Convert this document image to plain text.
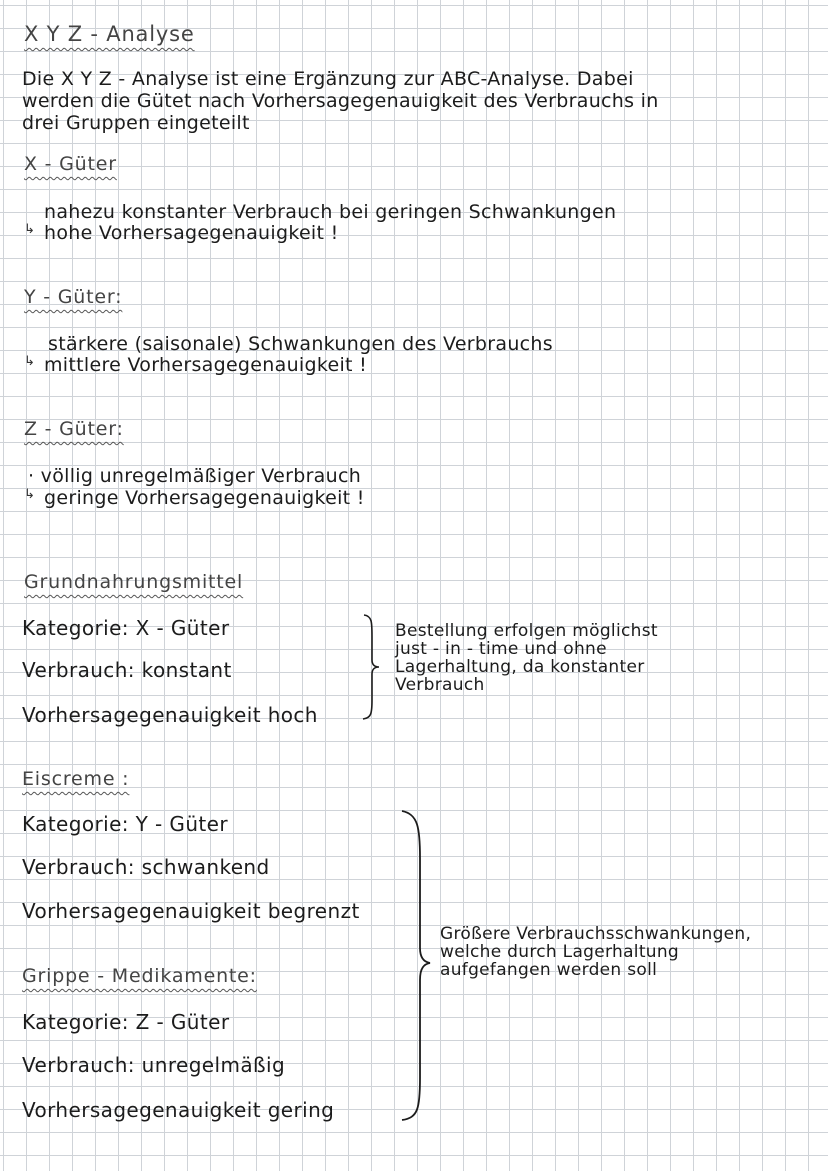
X Y Z - Analyse
Die X Y Z - Analyse ist eine Ergänzung zur ABC-Analyse. Dabei
werden die Gütet nach Vorhersagegenauigkeit des Verbrauchs in
drei Gruppen eingeteilt
X - Güter
nahezu konstanter Verbrauch bei geringen Schwankungen
↳ hohe Vorhersagegenauigkeit !
Y - Güter:
stärkere (saisonale) Schwankungen des Verbrauchs
↳ mittlere Vorhersagegenauigkeit !
Z - Güter:
· völlig unregelmäßiger Verbrauch
↳ geringe Vorhersagegenauigkeit !
Grundnahrungsmittel
Kategorie: X - Güter
Verbrauch: konstant
Vorhersagegenauigkeit hoch
Bestellung erfolgen möglichst
just - in - time und ohne
Lagerhaltung, da konstanter
Verbrauch
Eiscreme :
Kategorie: Y - Güter
Verbrauch: schwankend
Vorhersagegenauigkeit begrenzt
Grippe - Medikamente:
Kategorie: Z - Güter
Verbrauch: unregelmäßig
Vorhersagegenauigkeit gering
Größere Verbrauchsschwankungen,
welche durch Lagerhaltung
aufgefangen werden soll
